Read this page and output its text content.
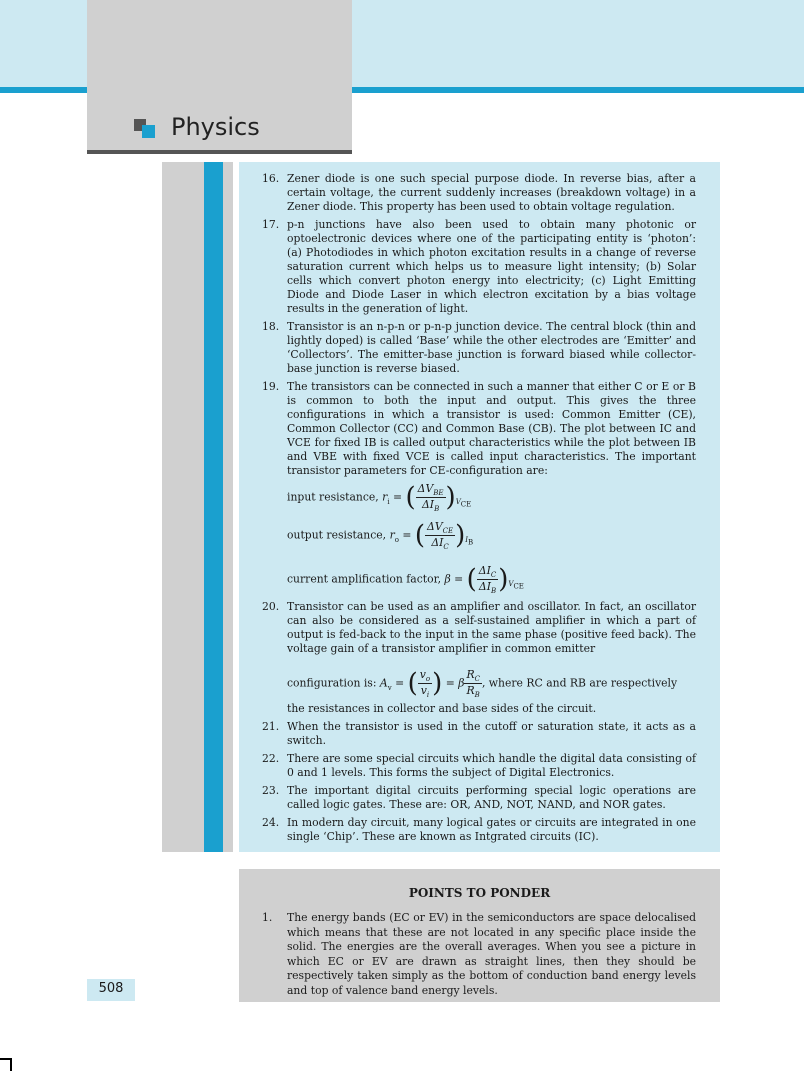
Physics
16. Zener diode is one such special purpose diode. In reverse bias, after a certain voltage, the current suddenly increases (breakdown voltage) in a Zener diode. This property has been used to obtain voltage regulation.
17. p-n junctions have also been used to obtain many photonic or optoelectronic devices where one of the participating entity is ‘photon’: (a) Photodiodes in which photon excitation results in a change of reverse saturation current which helps us to measure light intensity; (b) Solar cells which convert photon energy into electricity; (c) Light Emitting Diode and Diode Laser in which electron excitation by a bias voltage results in the generation of light.
18. Transistor is an n-p-n or p-n-p junction device. The central block (thin and lightly doped) is called ‘Base’ while the other electrodes are ‘Emitter’ and ‘Collectors’. The emitter-base junction is forward biased while collector-base junction is reverse biased.
19. The transistors can be connected in such a manner that either C or E or B is common to both the input and output. This gives the three configurations in which a transistor is used: Common Emitter (CE), Common Collector (CC) and Common Base (CB). The plot between IC and VCE for fixed IB is called output characteristics while the plot between IB and VBE with fixed VCE is called input characteristics. The important transistor parameters for CE-configuration are:
input resistance, $r_i$ = ( $\frac{\Delta V_{BE}}{\Delta I_B} )_{V_{CE}}$
output resistance, $r_o$ = ( $\frac{\Delta V_{CE}}{\Delta I_C} )_{I_B}$
current amplification factor, β = ( $\frac{\Delta I_C}{\Delta I_B} )_{V_{CE}}$
20. Transistor can be used as an amplifier and oscillator. In fact, an oscillator can also be considered as a self-sustained amplifier in which a part of output is fed-back to the input in the same phase (positive feed back). The voltage gain of a transistor amplifier in common emitter
configuration is: $A_v$ = ( $\frac{v_o}{v_i}$ ) = β $\frac{R_C}{R_B}$ , where RC and RB are respectively
the resistances in collector and base sides of the circuit.
21. When the transistor is used in the cutoff or saturation state, it acts as a switch.
22. There are some special circuits which handle the digital data consisting of 0 and 1 levels. This forms the subject of Digital Electronics.
23. The important digital circuits performing special logic operations are called logic gates. These are: OR, AND, NOT, NAND, and NOR gates.
24. In modern day circuit, many logical gates or circuits are integrated in one single ‘Chip’. These are known as Intgrated circuits (IC).
POINTS TO PONDER
1. The energy bands (EC or EV) in the semiconductors are space delocalised which means that these are not located in any specific place inside the solid. The energies are the overall averages. When you see a picture in which EC or EV are drawn as straight lines, then they should be respectively taken simply as the bottom of conduction band energy levels and top of valence band energy levels.
508
